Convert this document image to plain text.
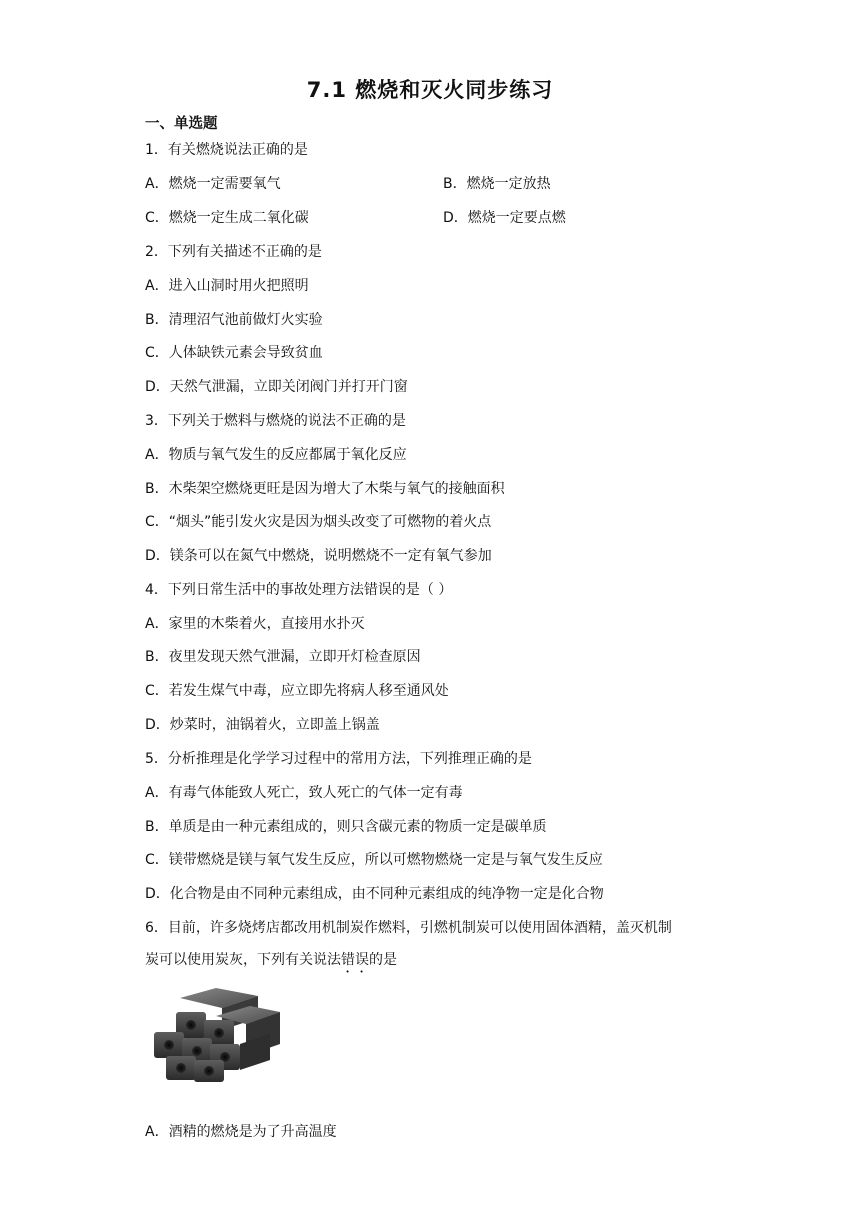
7.1 燃烧和灭火同步练习
一、单选题
1．有关燃烧说法正确的是
A．燃烧一定需要氧气	B．燃烧一定放热
C．燃烧一定生成二氧化碳	D．燃烧一定要点燃
2．下列有关描述不正确的是
A．进入山洞时用火把照明
B．清理沼气池前做灯火实验
C．人体缺铁元素会导致贫血
D．天然气泄漏，立即关闭阀门并打开门窗
3．下列关于燃料与燃烧的说法不正确的是
A．物质与氧气发生的反应都属于氧化反应
B．木柴架空燃烧更旺是因为增大了木柴与氧气的接触面积
C．“烟头”能引发火灾是因为烟头改变了可燃物的着火点
D．镁条可以在氮气中燃烧，说明燃烧不一定有氧气参加
4．下列日常生活中的事故处理方法错误的是（ ）
A．家里的木柴着火，直接用水扑灭
B．夜里发现天然气泄漏，立即开灯检查原因
C．若发生煤气中毒，应立即先将病人移至通风处
D．炒菜时，油锅着火，立即盖上锅盖
5．分析推理是化学学习过程中的常用方法，下列推理正确的是
A．有毒气体能致人死亡，致人死亡的气体一定有毒
B．单质是由一种元素组成的，则只含碳元素的物质一定是碳单质
C．镁带燃烧是镁与氧气发生反应，所以可燃物燃烧一定是与氧气发生反应
D．化合物是由不同种元素组成，由不同种元素组成的纯净物一定是化合物
6．目前，许多烧烤店都改用机制炭作燃料，引燃机制炭可以使用固体酒精，盖灭机制
炭可以使用炭灰，下列有关说法错误的是
A．酒精的燃烧是为了升高温度
